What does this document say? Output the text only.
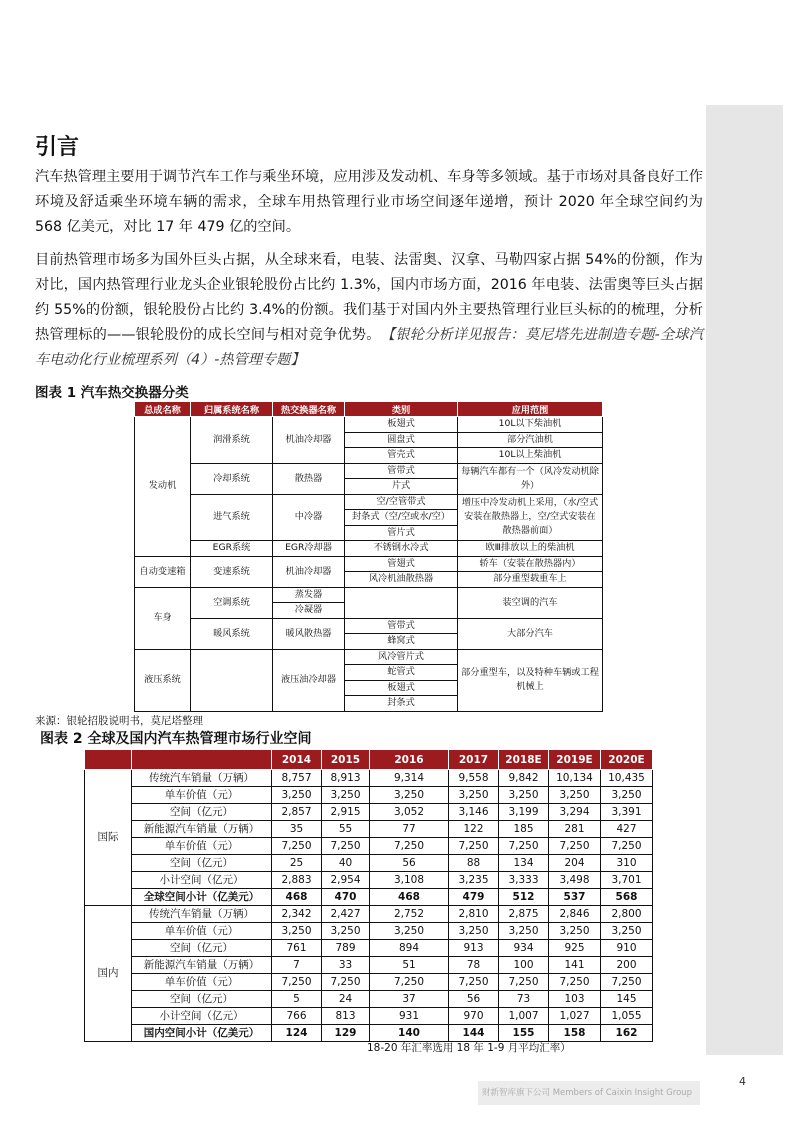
引言

汽车热管理主要用于调节汽车工作与乘坐环境，应用涉及发动机、车身等多领域。基于市场对具备良好工作环境及舒适乘坐环境车辆的需求，全球车用热管理行业市场空间逐年递增，预计 2020 年全球空间约为 568 亿美元，对比 17 年 479 亿的空间。

目前热管理市场多为国外巨头占据，从全球来看，电装、法雷奥、汉拿、马勒四家占据 54%的份额，作为对比，国内热管理行业龙头企业银轮股份占比约 1.3%，国内市场方面，2016 年电装、法雷奥等巨头占据约 55%的份额，银轮股份占比约 3.4%的份额。我们基于对国内外主要热管理行业巨头标的的梳理，分析热管理标的——银轮股份的成长空间与相对竞争优势。　 【银轮分析详见报告：莫尼塔先进制造专题-全球汽车电动化行业梳理系列（4）-热管理专题】

图表 1 汽车热交换器分类

总成名称	归属系统名称	热交换器名称	类别	应用范围
发动机	润滑系统	机油冷却器	板翅式	10L以下柴油机
			圆盘式	部分汽油机
			管壳式	10L以上柴油机
	冷却系统	散热器	管带式	每辆汽车都有一个（风冷发动机除外）
			片式	
	进气系统	中冷器	空/空管带式	增压中冷发动机上采用，（水/空式安装在散热器上，空/空式安装在散热器前面）
			封条式（空/空或水/空）	
			管片式	
	EGR系统	EGR冷却器	不锈钢水冷式	欧Ⅲ排放以上的柴油机
自动变速箱	变速系统	机油冷却器	管翅式	轿车（安装在散热器内）
			风冷机油散热器	部分重型载重车上
车身	空调系统	蒸发器		装空调的汽车
		冷凝器		
	暖风系统	暖风散热器	管带式	大部分汽车
			蜂窝式	
液压系统		液压油冷却器	风冷管片式	部分重型车，以及特种车辆或工程机械上
			蛇管式	
			板翅式	
			封条式	

来源：银轮招股说明书，莫尼塔整理

图表 2 全球及国内汽车热管理市场行业空间

		2014	2015	2016	2017	2018E	2019E	2020E
国际	传统汽车销量（万辆）	8,757	8,913	9,314	9,558	9,842	10,134	10,435
	单车价值（元）	3,250	3,250	3,250	3,250	3,250	3,250	3,250
	空间（亿元）	2,857	2,915	3,052	3,146	3,199	3,294	3,391
	新能源汽车销量（万辆）	35	55	77	122	185	281	427
	单车价值（元）	7,250	7,250	7,250	7,250	7,250	7,250	7,250
	空间（亿元）	25	40	56	88	134	204	310
	小计空间（亿元）	2,883	2,954	3,108	3,235	3,333	3,498	3,701
	全球空间小计（亿美元）	468	470	468	479	512	537	568
国内	传统汽车销量（万辆）	2,342	2,427	2,752	2,810	2,875	2,846	2,800
	单车价值（元）	3,250	3,250	3,250	3,250	3,250	3,250	3,250
	空间（亿元）	761	789	894	913	934	925	910
	新能源汽车销量（万辆）	7	33	51	78	100	141	200
	单车价值（元）	7,250	7,250	7,250	7,250	7,250	7,250	7,250
	空间（亿元）	5	24	37	56	73	103	145
	小计空间（亿元）	766	813	931	970	1,007	1,027	1,055
	国内空间小计（亿美元）	124	129	140	144	155	158	162

18-20 年汇率选用 18 年 1-9 月平均汇率）

财新智库旗下公司 Members of Caixin Insight Group
4
